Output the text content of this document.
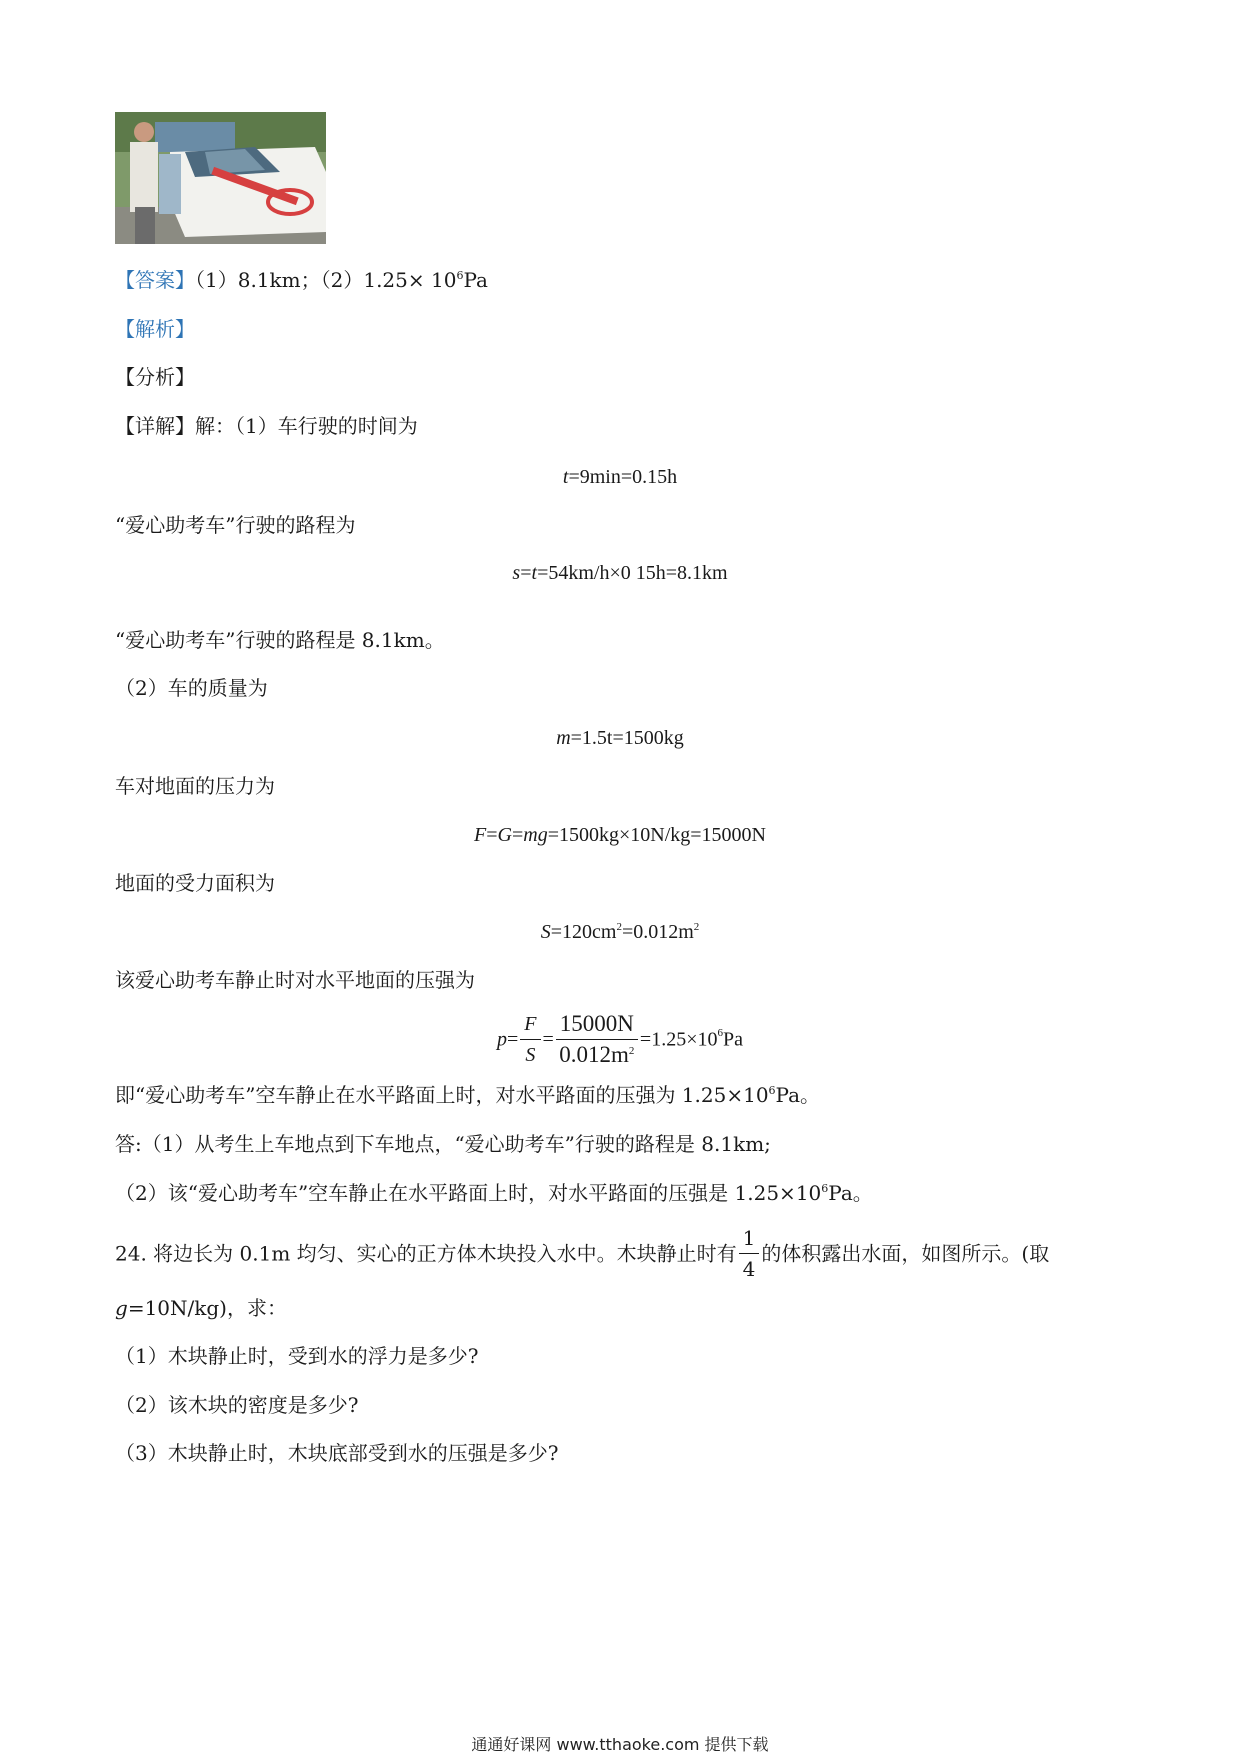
【答案】（1）8.1km；$(2)1.25\times 10^6Pa$
【解析】
【分析】
【详解】解：（1）车行驶的时间为
t=9min=0.15h
“爱心助考车”行驶的路程为
s=t=54km/h×0 15h=8.1km
“爱心助考车”行驶的路程是 8.1km。
（2）车的质量为
m=1.5t=1500kg
车对地面的压力为
F=G=mg=1500kg×10N/kg=15000N
地面的受力面积为
$S=120cm^2=0.012m^2$
该爱心助考车静止时对水平地面的压强为
$p= \frac{F}{S} = \frac{15000N}{0.012m^2} =1.25\times 10^6Pa$
即“爱心助考车”空车静止在水平路面上时，对水平路面的压强为 $1.25\times 10^6Pa$。
答:（1）从考生上车地点到下车地点，“爱心助考车”行驶的路程是 8.1km;
（2）该“爱心助考车”空车静止在水平路面上时，对水平路面的压强是 $1.25\times 10^6Pa$。
24. 将边长为 0.1m 均匀、实心的正方体木块投入水中。木块静止时有 $\frac{1}{4}$ 的体积露出水面，如图所示。(取
g=10N/kg)，求：
（1）木块静止时，受到水的浮力是多少?
（2）该木块的密度是多少?
（3）木块静止时，木块底部受到水的压强是多少?
通通好课网 www.tthaoke.com 提供下载
